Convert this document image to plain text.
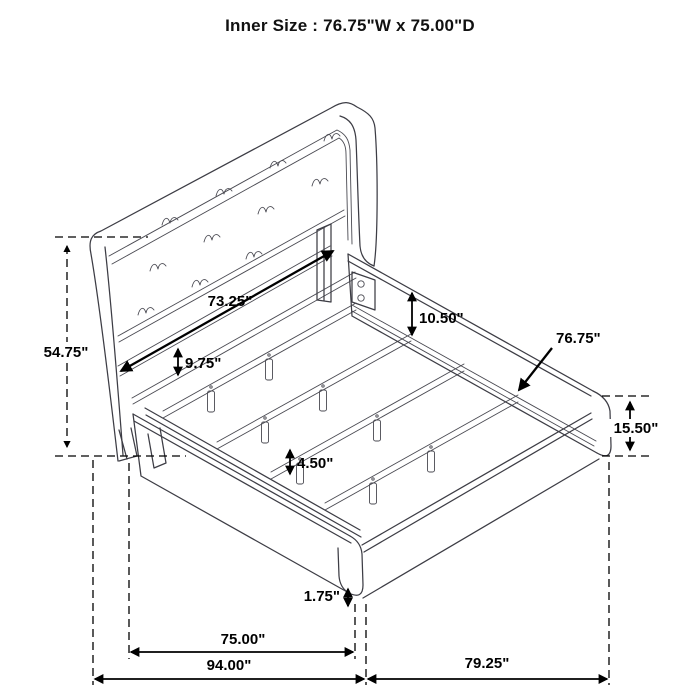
Inner Size : 76.75"W x 75.00"D
54.75"
73.25"
9.75"
10.50"
76.75"
15.50"
4.50"
1.75"
75.00"
94.00"	79.25"
